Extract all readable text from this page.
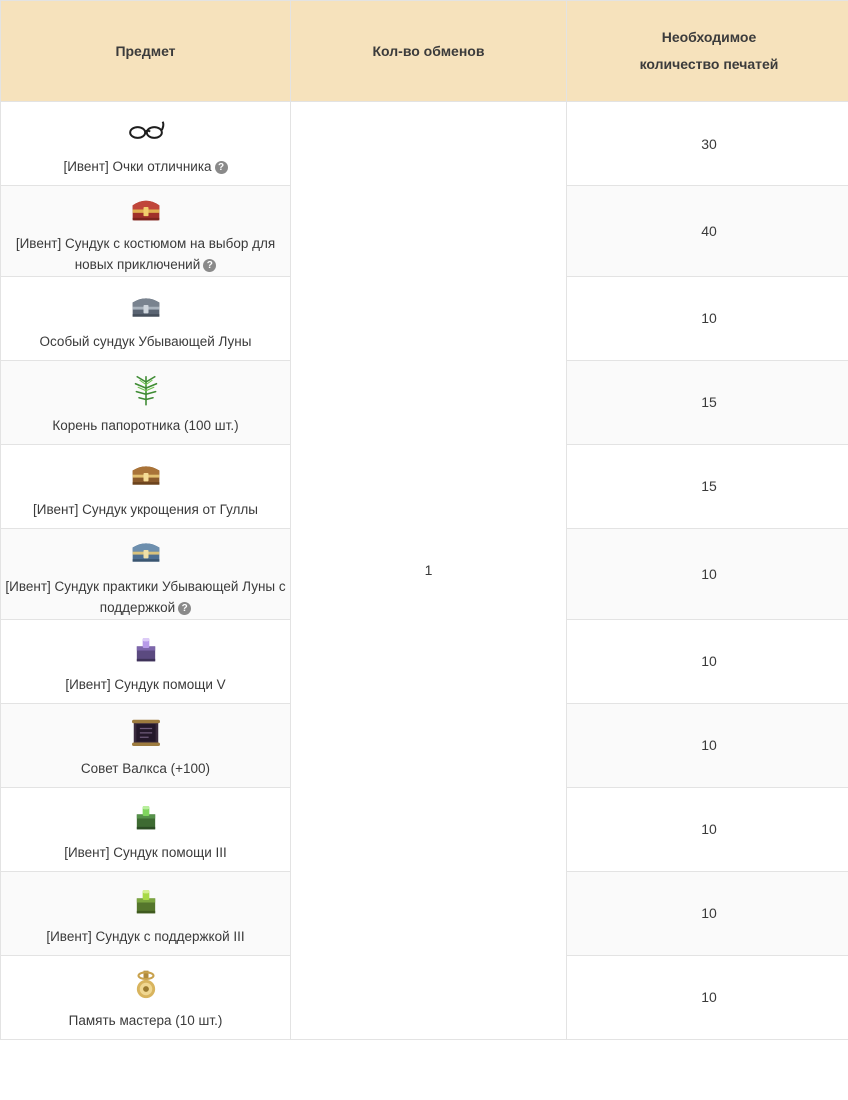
Предмет	Кол-во обменов	Необходимое
количество печатей

[Ивент] Очки отличника ?	1	30

[Ивент] Сундук с костюмом на выбор для новых приключений ?		40

Особый сундук Убывающей Луны		10

Корень папоротника (100 шт.)		15

[Ивент] Сундук укрощения от Гуллы		15

[Ивент] Сундук практики Убывающей Луны с поддержкой ?		10

[Ивент] Сундук помощи V		10

Совет Валкса (+100)		10

[Ивент] Сундук помощи III		10

[Ивент] Сундук с поддержкой III		10

Память мастера (10 шт.)		10
